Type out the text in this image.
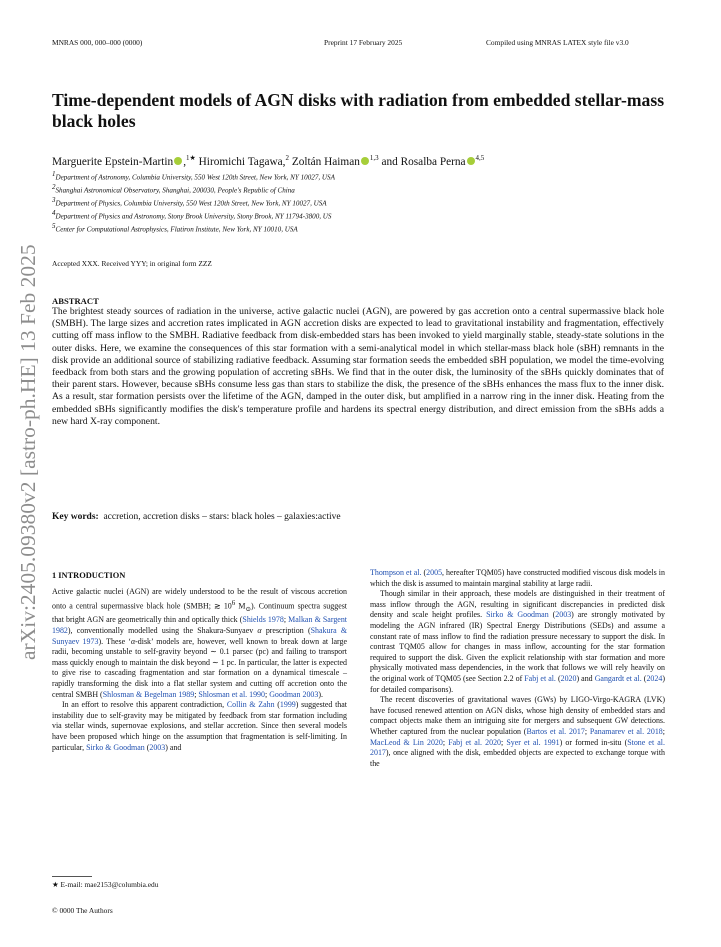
MNRAS 000, 000–000 (0000)	Preprint 17 February 2025	Compiled using MNRAS LATEX style file v3.0
arXiv:2405.09380v2 [astro-ph.HE] 13 Feb 2025
Time-dependent models of AGN disks with radiation from embedded stellar-mass black holes
Marguerite Epstein-Martin ,$^{1★}$ Hiromichi Tagawa,$^2$ Zoltán Haiman $^{1,3}$ and Rosalba Perna $^{4,5}$
$^1$Department of Astronomy, Columbia University, 550 West 120th Street, New York, NY 10027, USA
$^2$Shanghai Astronomical Observatory, Shanghai, 200030, People's Republic of China
$^3$Department of Physics, Columbia University, 550 West 120th Street, New York, NY 10027, USA
$^4$Department of Physics and Astronomy, Stony Brook University, Stony Brook, NY 11794-3800, US
$^5$Center for Computational Astrophysics, Flatiron Institute, New York, NY 10010, USA
Accepted XXX. Received YYY; in original form ZZZ
ABSTRACT

The brightest steady sources of radiation in the universe, active galactic nuclei (AGN), are powered by gas accretion onto a central supermassive black hole (SMBH). The large sizes and accretion rates implicated in AGN accretion disks are expected to lead to gravitational instability and fragmentation, effectively cutting off mass inflow to the SMBH. Radiative feedback from disk-embedded stars has been invoked to yield marginally stable, steady-state solutions in the outer disks. Here, we examine the consequences of this star formation with a semi-analytical model in which stellar-mass black hole (sBH) remnants in the disk provide an additional source of stabilizing radiative feedback. Assuming star formation seeds the embedded sBH population, we model the time-evolving feedback from both stars and the growing population of accreting sBHs. We find that in the outer disk, the luminosity of the sBHs quickly dominates that of their parent stars. However, because sBHs consume less gas than stars to stabilize the disk, the presence of the sBHs enhances the mass flux to the inner disk. As a result, star formation persists over the lifetime of the AGN, damped in the outer disk, but amplified in a narrow ring in the inner disk. Heating from the embedded sBHs significantly modifies the disk's temperature profile and hardens its spectral energy distribution, and direct emission from the sBHs adds a new hard X-ray component.

Key words: accretion, accretion disks – stars: black holes – galaxies:active
1 INTRODUCTION

Active galactic nuclei (AGN) are widely understood to be the result of viscous accretion onto a central supermassive black hole (SMBH; ≳ $10^6$ $M_⊙$). Continuum spectra suggest that bright AGN are geometrically thin and optically thick (Shields 1978; Malkan & Sargent 1982), conventionally modelled using the Shakura-Sunyaev α prescription (Shakura & Sunyaev 1973). These ‘α-disk’ models are, however, well known to break down at large radii, becoming unstable to self-gravity beyond ∼ 0.1 parsec (pc) and failing to transport mass quickly enough to maintain the disk beyond ∼ 1 pc. In particular, the latter is expected to give rise to cascading fragmentation and star formation on a dynamical timescale – rapidly transforming the disk into a flat stellar system and cutting off accretion onto the central SMBH (Shlosman & Begelman 1989; Shlosman et al. 1990; Goodman 2003).

In an effort to resolve this apparent contradiction, Collin & Zahn (1999) suggested that instability due to self-gravity may be mitigated by feedback from star formation including via stellar winds, supernovae explosions, and stellar accretion. Since then several models have been proposed which hinge on the assumption that fragmentation is self-limiting. In particular, Sirko & Goodman (2003) and

Thompson et al. (2005, hereafter TQM05) have constructed modified viscous disk models in which the disk is assumed to maintain marginal stability at large radii.

Though similar in their approach, these models are distinguished in their treatment of mass inflow through the AGN, resulting in significant discrepancies in predicted disk density and scale height profiles. Sirko & Goodman (2003) are strongly motivated by modeling the AGN infrared (IR) Spectral Energy Distributions (SEDs) and assume a constant rate of mass inflow to find the radiation pressure necessary to support the disk. In contrast TQM05 allow for changes in mass inflow, accounting for the star formation required to support the disk. Given the explicit relationship with star formation and more physically motivated mass dependencies, in the work that follows we will rely heavily on the original work of TQM05 (see Section 2.2 of Fabj et al. (2020) and Gangardt et al. (2024) for detailed comparisons).

The recent discoveries of gravitational waves (GWs) by LIGO-Virgo-KAGRA (LVK) have focused renewed attention on AGN disks, whose high density of embedded stars and compact objects make them an intriguing site for mergers and subsequent GW detections. Whether captured from the nuclear population (Bartos et al. 2017; Panamarev et al. 2018; MacLeod & Lin 2020; Fabj et al. 2020; Syer et al. 1991) or formed in-situ (Stone et al. 2017), once aligned with the disk, embedded objects are expected to exchange torque with the

★ E-mail: mae2153@columbia.edu
© 0000 The Authors
